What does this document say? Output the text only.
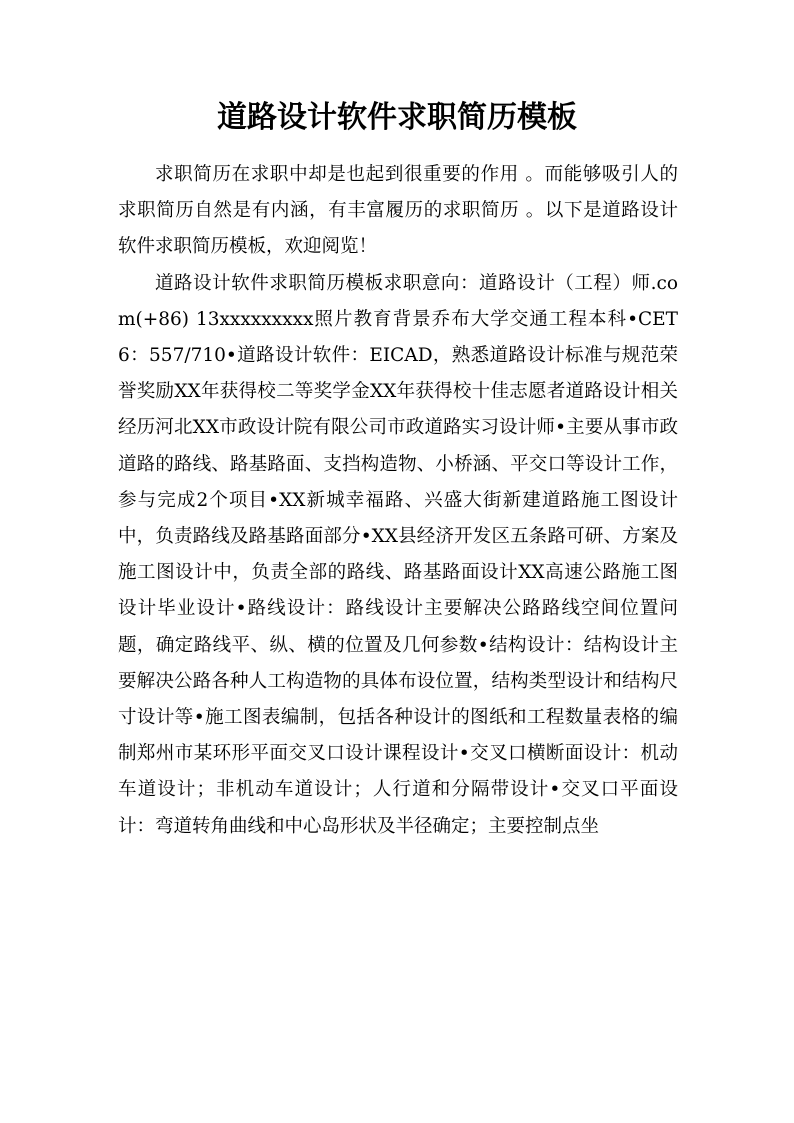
道路设计软件求职简历模板

求职简历在求职中却是也起到很重要的作用 。而能够吸引人的求职简历自然是有内涵，有丰富履历的求职简历 。以下是道路设计软件求职简历模板，欢迎阅览！

道路设计软件求职简历模板求职意向：道路设计（工程）师.com(+86) 13xxxxxxxxx照片教育背景乔布大学交通工程本科•CET6：557/710•道路设计软件：EICAD，熟悉道路设计标准与规范荣誉奖励XX年获得校二等奖学金XX年获得校十佳志愿者道路设计相关经历河北XX市政设计院有限公司市政道路实习设计师•主要从事市政道路的路线、路基路面、支挡构造物、小桥涵、平交口等设计工作，参与完成2个项目•XX新城幸福路、兴盛大街新建道路施工图设计中，负责路线及路基路面部分•XX县经济开发区五条路可研、方案及施工图设计中，负责全部的路线、路基路面设计XX高速公路施工图设计毕业设计•路线设计：路线设计主要解决公路路线空间位置问题，确定路线平、纵、横的位置及几何参数•结构设计：结构设计主要解决公路各种人工构造物的具体布设位置，结构类型设计和结构尺寸设计等•施工图表编制，包括各种设计的图纸和工程数量表格的编制郑州市某环形平面交叉口设计课程设计•交叉口横断面设计：机动车道设计；非机动车道设计；人行道和分隔带设计•交叉口平面设计：弯道转角曲线和中心岛形状及半径确定；主要控制点坐
